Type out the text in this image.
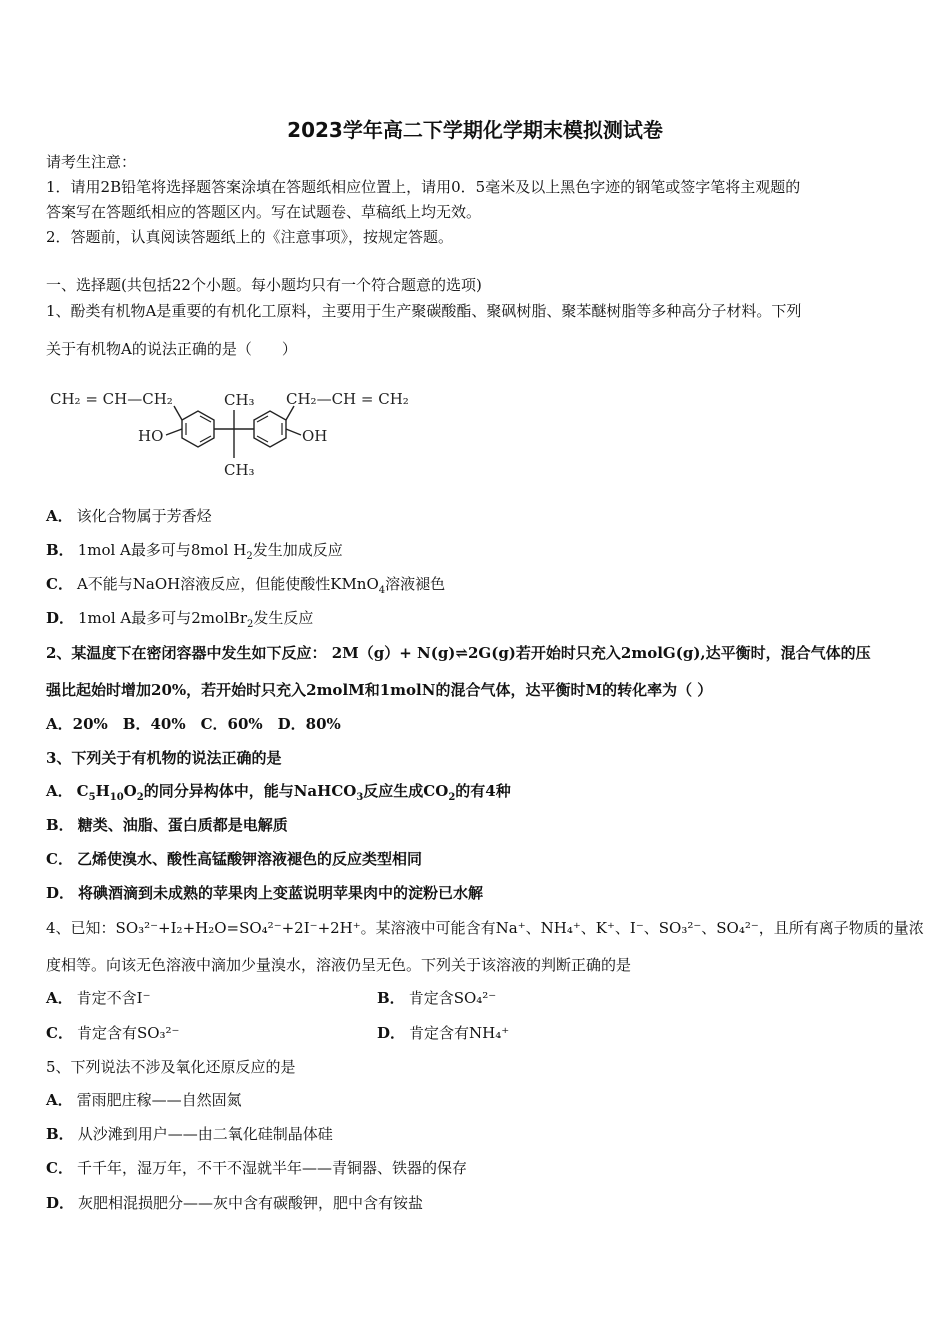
2023学年高二下学期化学期末模拟测试卷
请考生注意：
1．请用2B铅笔将选择题答案涂填在答题纸相应位置上，请用0．5毫米及以上黑色字迹的钢笔或签字笔将主观题的
答案写在答题纸相应的答题区内。写在试题卷、草稿纸上均无效。
2．答题前，认真阅读答题纸上的《注意事项》，按规定答题。
一、选择题(共包括22个小题。每小题均只有一个符合题意的选项)
1、酚类有机物A是重要的有机化工原料，主要用于生产聚碳酸酯、聚砜树脂、聚苯醚树脂等多种高分子材料。下列
关于有机物A的说法正确的是（　　）
CH₂ = CH—CH₂	CH₂—CH = CH₂
CH₃
CH₃
HO	OH
A． 该化合物属于芳香烃
B． 1mol A最多可与8mol $H_2$发生加成反应
C． A不能与NaOH溶液反应，但能使酸性KMnO$_4$溶液褪色
D． 1mol A最多可与2molBr$_2$发生反应
2、某温度下在密闭容器中发生如下反应： 2M（g）+ N(g)⇌2G(g)若开始时只充入2molG(g),达平衡时，混合气体的压
强比起始时增加20%，若开始时只充入2molM和1molN的混合气体，达平衡时M的转化率为（ ）
A．20%　B．40%　C．60%　D．80%
3、下列关于有机物的说法正确的是
A． $C_5H_{10}O_2$的同分异构体中，能与NaHCO$_3$反应生成$CO_2$的有4种
B． 糖类、油脂、蛋白质都是电解质
C． 乙烯使溴水、酸性高锰酸钾溶液褪色的反应类型相同
D． 将碘酒滴到未成熟的苹果肉上变蓝说明苹果肉中的淀粉已水解
4、已知：SO₃²⁻+I₂+H₂O=SO₄²⁻+2I⁻+2H⁺。某溶液中可能含有Na⁺、NH₄⁺、K⁺、I⁻、SO₃²⁻、SO₄²⁻，且所有离子物质的量浓
度相等。向该无色溶液中滴加少量溴水，溶液仍呈无色。下列关于该溶液的判断正确的是
A． 肯定不含I⁻	B． 肯定含SO₄²⁻
C． 肯定含有SO₃²⁻	D． 肯定含有NH₄⁺
5、下列说法不涉及氧化还原反应的是
A． 雷雨肥庄稼——自然固氮
B． 从沙滩到用户——由二氧化硅制晶体硅
C． 千千年，湿万年，不干不湿就半年——青铜器、铁器的保存
D． 灰肥相混损肥分——灰中含有碳酸钾，肥中含有铵盐
